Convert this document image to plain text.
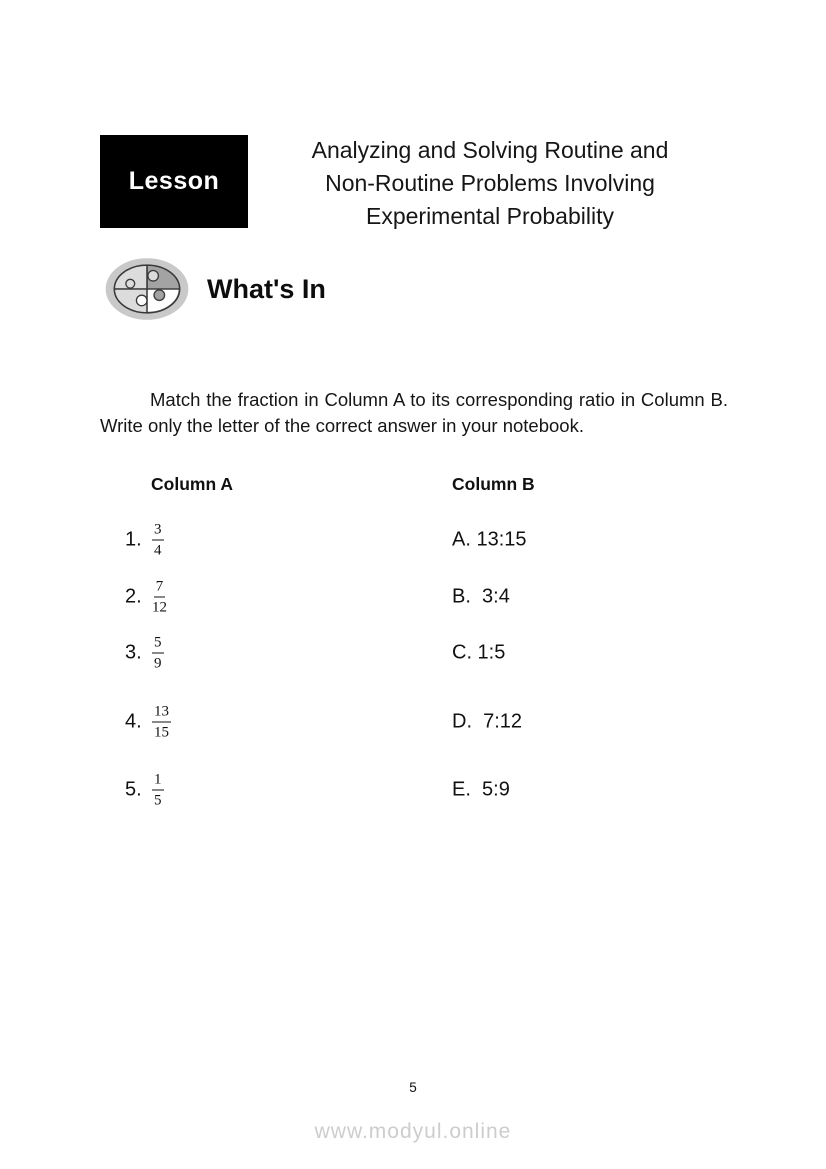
Lesson
Analyzing and Solving Routine and
Non-Routine Problems Involving
Experimental Probability
What's In

Match the fraction in Column A to its corresponding ratio in Column B. Write only the letter of the correct answer in your notebook.

Column A	Column B
1. $\frac{3}{4}$	A. 13:15
2. $\frac{7}{12}$	B.  3:4
3. $\frac{5}{9}$	C. 1:5
4. $\frac{13}{15}$	D.  7:12
5. $\frac{1}{5}$	E.  5:9
5
www.modyul.online
